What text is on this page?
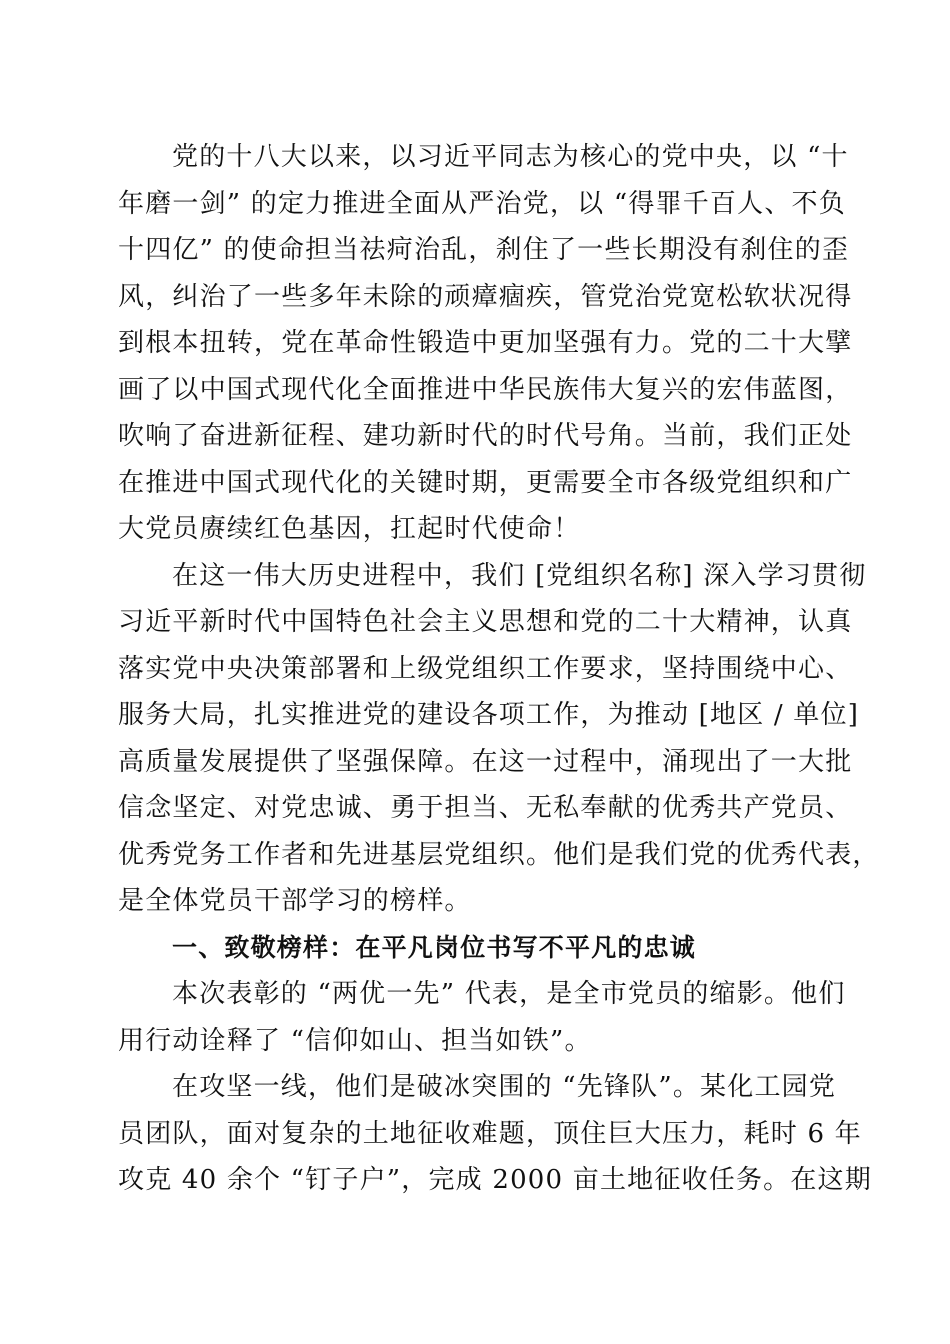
党的十八大以来，以习近平同志为核心的党中央，以 “十
年磨一剑” 的定力推进全面从严治党，以 “得罪千百人、不负
十四亿” 的使命担当祛疴治乱，刹住了一些长期没有刹住的歪
风，纠治了一些多年未除的顽瘴痼疾，管党治党宽松软状况得
到根本扭转，党在革命性锻造中更加坚强有力。党的二十大擘
画了以中国式现代化全面推进中华民族伟大复兴的宏伟蓝图，
吹响了奋进新征程、建功新时代的时代号角。当前，我们正处
在推进中国式现代化的关键时期，更需要全市各级党组织和广
大党员赓续红色基因，扛起时代使命！
在这一伟大历史进程中，我们 [党组织名称] 深入学习贯彻
习近平新时代中国特色社会主义思想和党的二十大精神，认真
落实党中央决策部署和上级党组织工作要求，坚持围绕中心、
服务大局，扎实推进党的建设各项工作，为推动 [地区 / 单位]
高质量发展提供了坚强保障。在这一过程中，涌现出了一大批
信念坚定、对党忠诚、勇于担当、无私奉献的优秀共产党员、
优秀党务工作者和先进基层党组织。他们是我们党的优秀代表，
是全体党员干部学习的榜样。
一、致敬榜样：在平凡岗位书写不平凡的忠诚
本次表彰的 “两优一先” 代表，是全市党员的缩影。他们
用行动诠释了 “信仰如山、担当如铁”。
在攻坚一线，他们是破冰突围的 “先锋队”。某化工园党
员团队，面对复杂的土地征收难题，顶住巨大压力，耗时 6 年
攻克 40 余个 “钉子户”，完成 2000 亩土地征收任务。在这期
